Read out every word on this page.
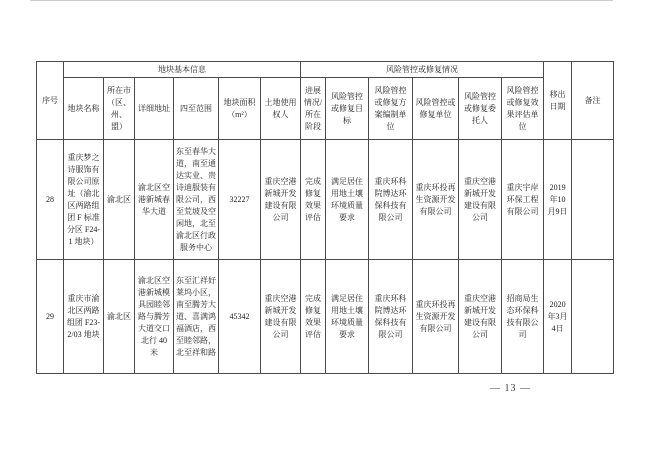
序号	地块基本信息						风险管控或修复情况						移出日期	备注
	地块名称	所在市（区、州、盟）	详细地址	四至范围	地块面积（m²）	土地使用权人	进展情况/所在阶段	风险管控或修复目标	风险管控或修复方案编制单位	风险管控或修复单位	风险管控或修复委托人	风险管控或修复效果评估单位		
28	重庆梦之诗服饰有限公司原址（渝北区两路组团 F 标准分区 F24-1 地块）	渝北区	渝北区空港新城春华大道	东至春华大道，南至通达实业、贵诗迪服装有限公司，西至荒坡及空闲地，北至渝北区行政服务中心	32227	重庆空港新城开发建设有限公司	完成修复效果评估	满足居住用地土壤环境质量要求	重庆环科院博达环保科技有限公司	重庆环投再生资源开发有限公司	重庆空港新城开发建设有限公司	重庆宇岸环保工程有限公司	2019年10月9日	
29	重庆市渝北区两路组团 F23-2/03 地块	渝北区	渝北区空港新城模具园睦邻路与腾芳大道交口北行 40 米	东至汇祥好莱坞小区，南至腾芳大道、喜满鸿福酒店，西至睦邻路，北至祥和路	45342	重庆空港新城开发建设有限公司	完成修复效果评估	满足居住用地土壤环境质量要求	重庆环科院博达环保科技有限公司	重庆环投再生资源开发有限公司	重庆空港新城开发建设有限公司	招商局生态环保科技有限公司	2020年3月4日	
— 13 —
